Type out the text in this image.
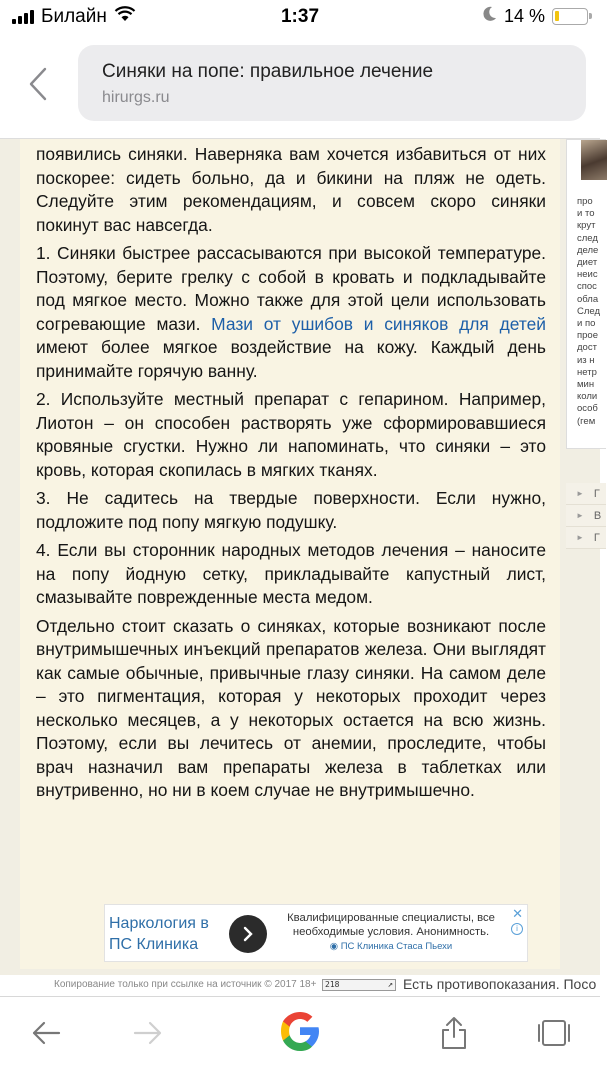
Билайн	1:37	14 %
Синяки на попе: правильное лечение
hirurgs.ru

появились синяки. Наверняка вам хочется избавиться от них поскорее: сидеть больно, да и бикини на пляж не одеть. Следуйте этим рекомендациям, и совсем скоро синяки покинут вас навсегда.

1. Синяки быстрее рассасываются при высокой температуре. Поэтому, берите грелку с собой в кровать и подкладывайте под мягкое место. Можно также для этой цели использовать согревающие мази. Мази от ушибов и синяков для детей имеют более мягкое воздействие на кожу. Каждый день принимайте горячую ванну.

2. Используйте местный препарат с гепарином. Например, Лиотон – он способен растворять уже сформировавшиеся кровяные сгустки. Нужно ли напоминать, что синяки – это кровь, которая скопилась в мягких тканях.

3. Не садитесь на твердые поверхности. Если нужно, подложите под попу мягкую подушку.

4. Если вы сторонник народных методов лечения – наносите на попу йодную сетку, прикладывайте капустный лист, смазывайте поврежденные места медом.

Отдельно стоит сказать о синяках, которые возникают после внутримышечных инъекций препаратов железа. Они выглядят как самые обычные, привычные глазу синяки. На самом деле – это пигментация, которая у некоторых проходит через несколько месяцев, а у некоторых остается на всю жизнь. Поэтому, если вы лечитесь от анемии, проследите, чтобы врач назначил вам препараты железа в таблетках или внутривенно, но ни в коем случае не внутримышечно.

Наркология в ПС Клиника
Квалифицированные специалисты, все необходимые условия. Анонимность.
◉ ПС Клиника Стаса Пьехи
✕
i
про
и то
крут
след
деле
диет
неис
спос
обла
След
и по
прое
дост
из н
нетр
мин
коли
особ
(гем
► Г
► В
► Г
Копирование только при ссылке на источник © 2017 18+	218	↗ Есть противопоказания. Посо
